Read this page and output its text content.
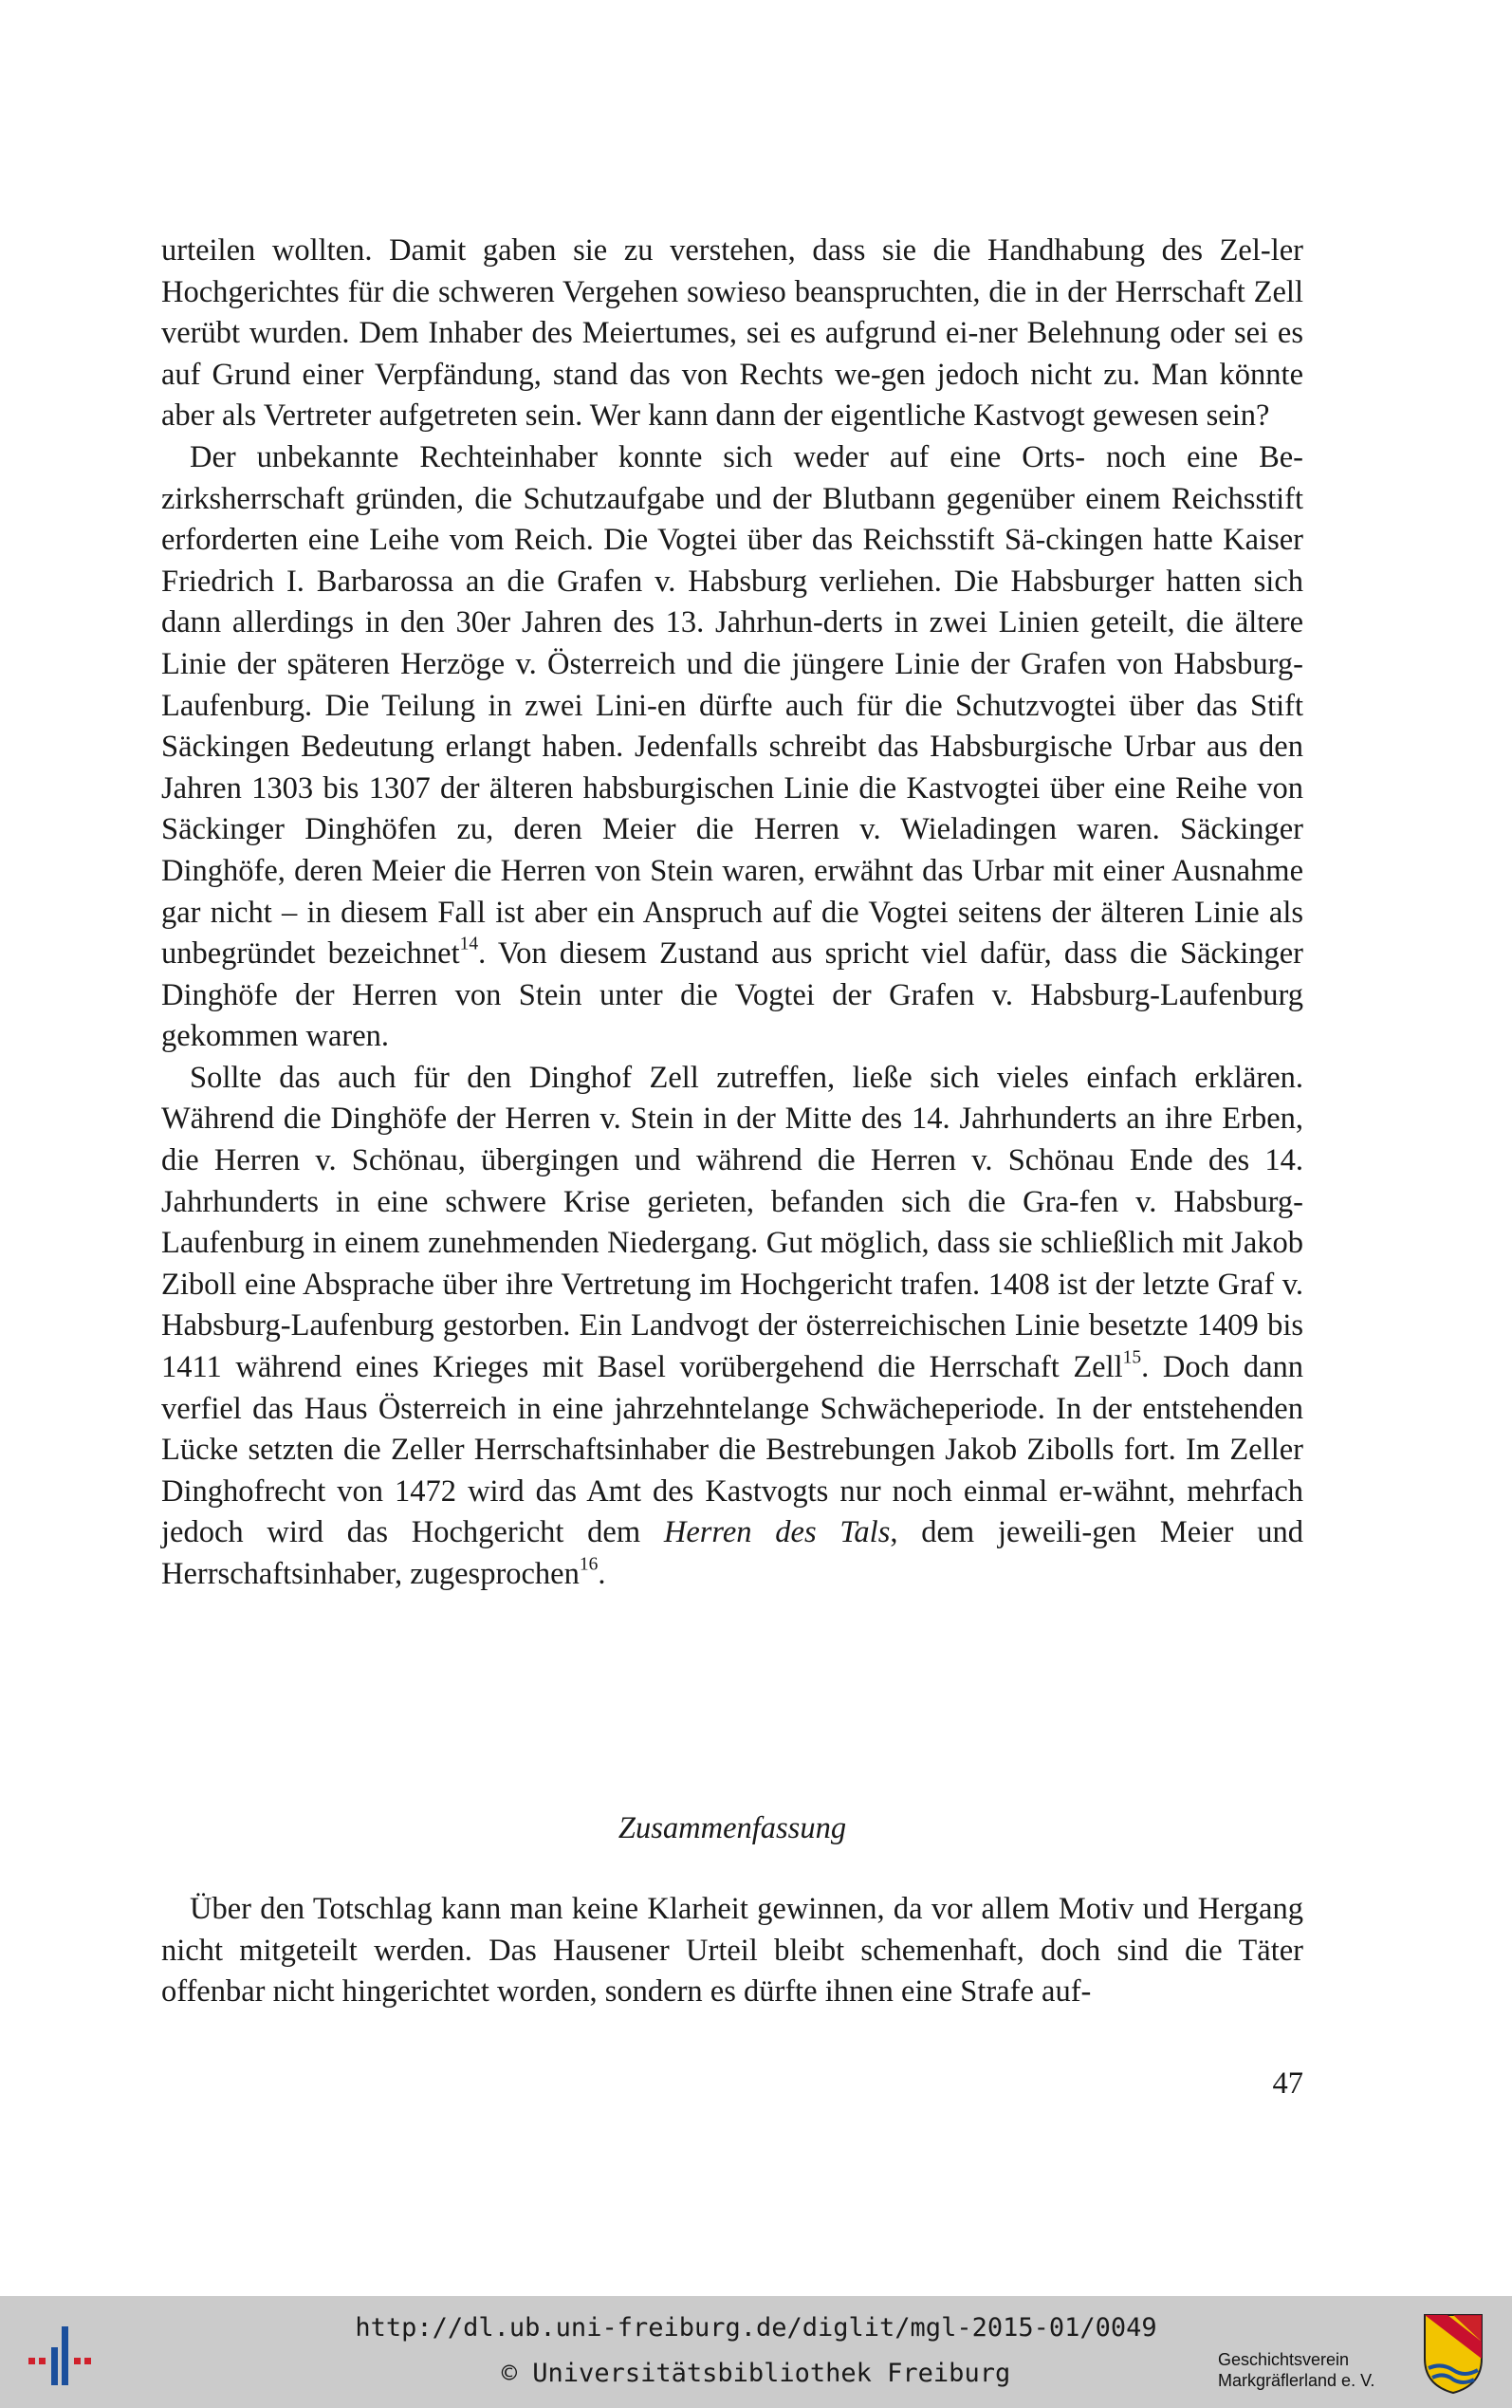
urteilen wollten. Damit gaben sie zu verstehen, dass sie die Handhabung des Zel-ler Hochgerichtes für die schweren Vergehen sowieso beanspruchten, die in der Herrschaft Zell verübt wurden. Dem Inhaber des Meiertumes, sei es aufgrund ei-ner Belehnung oder sei es auf Grund einer Verpfändung, stand das von Rechts we-gen jedoch nicht zu. Man könnte aber als Vertreter aufgetreten sein. Wer kann dann der eigentliche Kastvogt gewesen sein?

Der unbekannte Rechteinhaber konnte sich weder auf eine Orts- noch eine Be-zirksherrschaft gründen, die Schutzaufgabe und der Blutbann gegenüber einem Reichsstift erforderten eine Leihe vom Reich. Die Vogtei über das Reichsstift Sä-ckingen hatte Kaiser Friedrich I. Barbarossa an die Grafen v. Habsburg verliehen. Die Habsburger hatten sich dann allerdings in den 30er Jahren des 13. Jahrhun-derts in zwei Linien geteilt, die ältere Linie der späteren Herzöge v. Österreich und die jüngere Linie der Grafen von Habsburg-Laufenburg. Die Teilung in zwei Lini-en dürfte auch für die Schutzvogtei über das Stift Säckingen Bedeutung erlangt haben. Jedenfalls schreibt das Habsburgische Urbar aus den Jahren 1303 bis 1307 der älteren habsburgischen Linie die Kastvogtei über eine Reihe von Säckinger Dinghöfen zu, deren Meier die Herren v. Wieladingen waren. Säckinger Dinghöfe, deren Meier die Herren von Stein waren, erwähnt das Urbar mit einer Ausnahme gar nicht – in diesem Fall ist aber ein Anspruch auf die Vogtei seitens der älteren Linie als unbegründet bezeichnet$^{14}$. Von diesem Zustand aus spricht viel dafür, dass die Säckinger Dinghöfe der Herren von Stein unter die Vogtei der Grafen v. Habsburg-Laufenburg gekommen waren.

Sollte das auch für den Dinghof Zell zutreffen, ließe sich vieles einfach erklären. Während die Dinghöfe der Herren v. Stein in der Mitte des 14. Jahrhunderts an ihre Erben, die Herren v. Schönau, übergingen und während die Herren v. Schönau Ende des 14. Jahrhunderts in eine schwere Krise gerieten, befanden sich die Gra-fen v. Habsburg-Laufenburg in einem zunehmenden Niedergang. Gut möglich, dass sie schließlich mit Jakob Ziboll eine Absprache über ihre Vertretung im Hochgericht trafen. 1408 ist der letzte Graf v. Habsburg-Laufenburg gestorben. Ein Landvogt der österreichischen Linie besetzte 1409 bis 1411 während eines Krieges mit Basel vorübergehend die Herrschaft Zell$^{15}$. Doch dann verfiel das Haus Österreich in eine jahrzehntelange Schwächeperiode. In der entstehenden Lücke setzten die Zeller Herrschaftsinhaber die Bestrebungen Jakob Zibolls fort. Im Zeller Dinghofrecht von 1472 wird das Amt des Kastvogts nur noch einmal er-wähnt, mehrfach jedoch wird das Hochgericht dem Herren des Tals, dem jeweili-gen Meier und Herrschaftsinhaber, zugesprochen$^{16}$.

Zusammenfassung

Über den Totschlag kann man keine Klarheit gewinnen, da vor allem Motiv und Hergang nicht mitgeteilt werden. Das Hausener Urteil bleibt schemenhaft, doch sind die Täter offenbar nicht hingerichtet worden, sondern es dürfte ihnen eine Strafe auf-

47
http://dl.ub.uni-freiburg.de/diglit/mgl-2015-01/0049
© Universitätsbibliothek Freiburg	Geschichtsverein
Markgräflerland e. V.
